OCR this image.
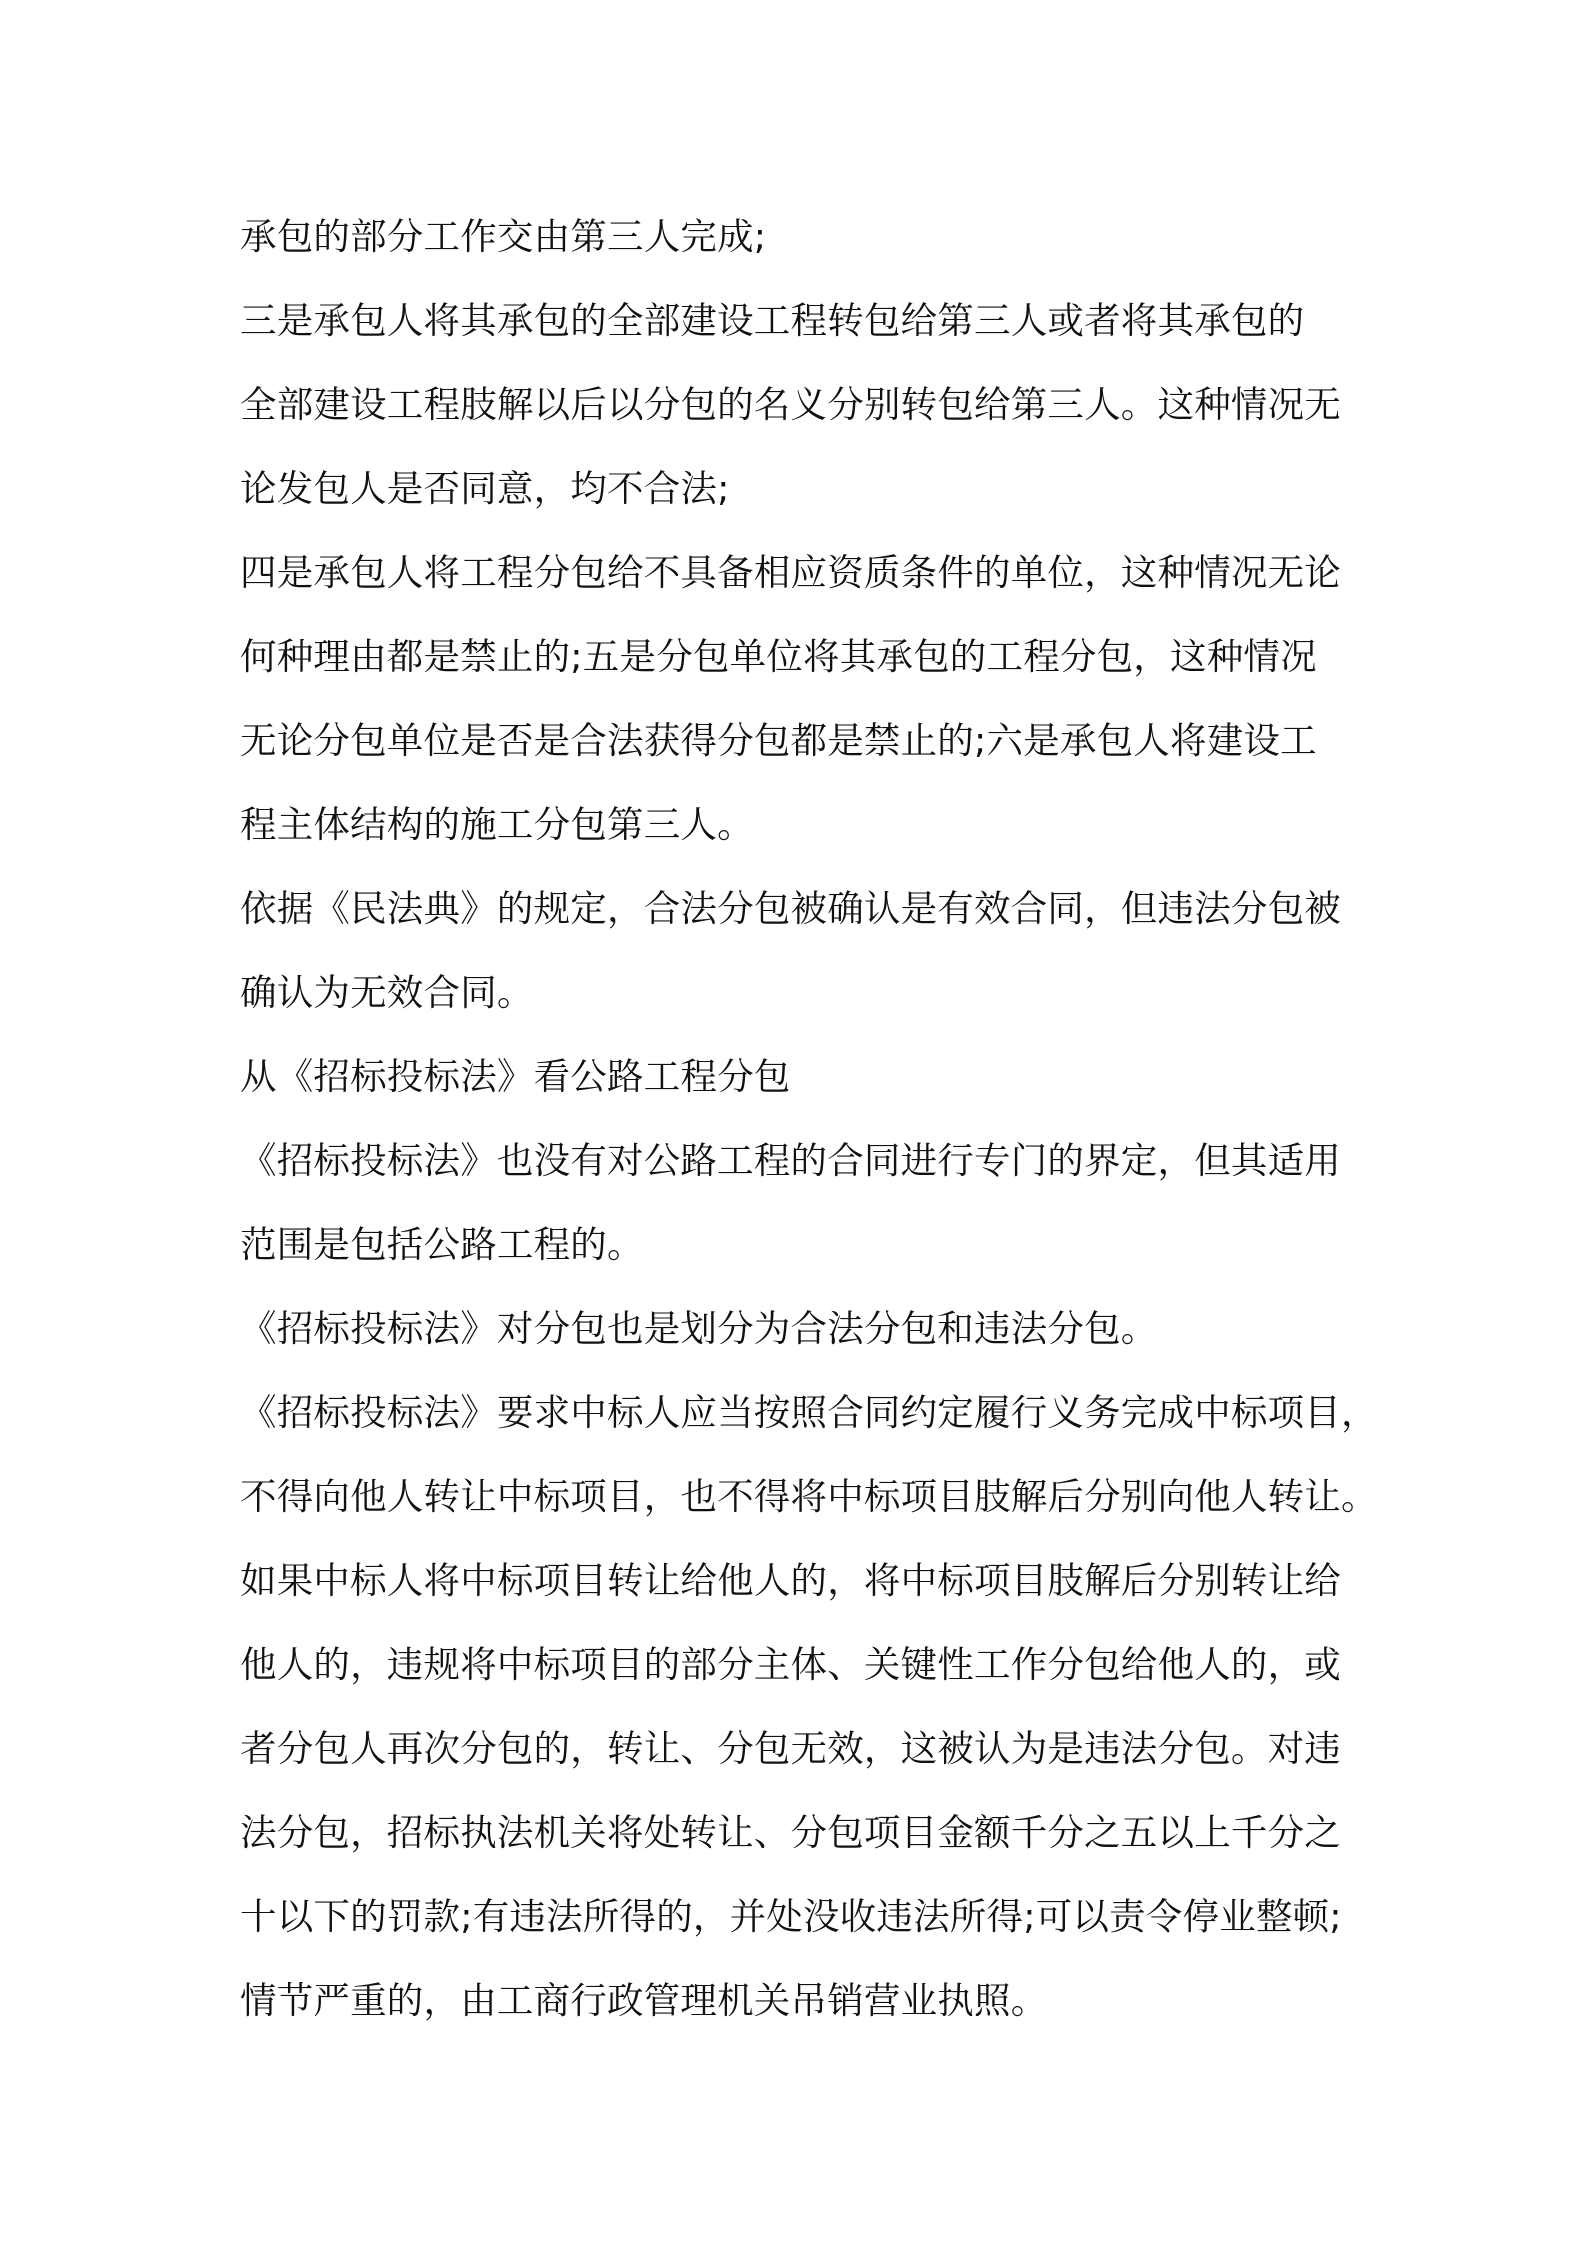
承包的部分工作交由第三人完成;
三是承包人将其承包的全部建设工程转包给第三人或者将其承包的
全部建设工程肢解以后以分包的名义分别转包给第三人。这种情况无
论发包人是否同意，均不合法;
四是承包人将工程分包给不具备相应资质条件的单位，这种情况无论
何种理由都是禁止的;五是分包单位将其承包的工程分包，这种情况
无论分包单位是否是合法获得分包都是禁止的;六是承包人将建设工
程主体结构的施工分包第三人。
依据《民法典》的规定，合法分包被确认是有效合同，但违法分包被
确认为无效合同。
从《招标投标法》看公路工程分包
《招标投标法》也没有对公路工程的合同进行专门的界定，但其适用
范围是包括公路工程的。
《招标投标法》对分包也是划分为合法分包和违法分包。
《招标投标法》要求中标人应当按照合同约定履行义务完成中标项目，
不得向他人转让中标项目，也不得将中标项目肢解后分别向他人转让。
如果中标人将中标项目转让给他人的，将中标项目肢解后分别转让给
他人的，违规将中标项目的部分主体、关键性工作分包给他人的，或
者分包人再次分包的，转让、分包无效，这被认为是违法分包。对违
法分包，招标执法机关将处转让、分包项目金额千分之五以上千分之
十以下的罚款;有违法所得的，并处没收违法所得;可以责令停业整顿;
情节严重的，由工商行政管理机关吊销营业执照。
